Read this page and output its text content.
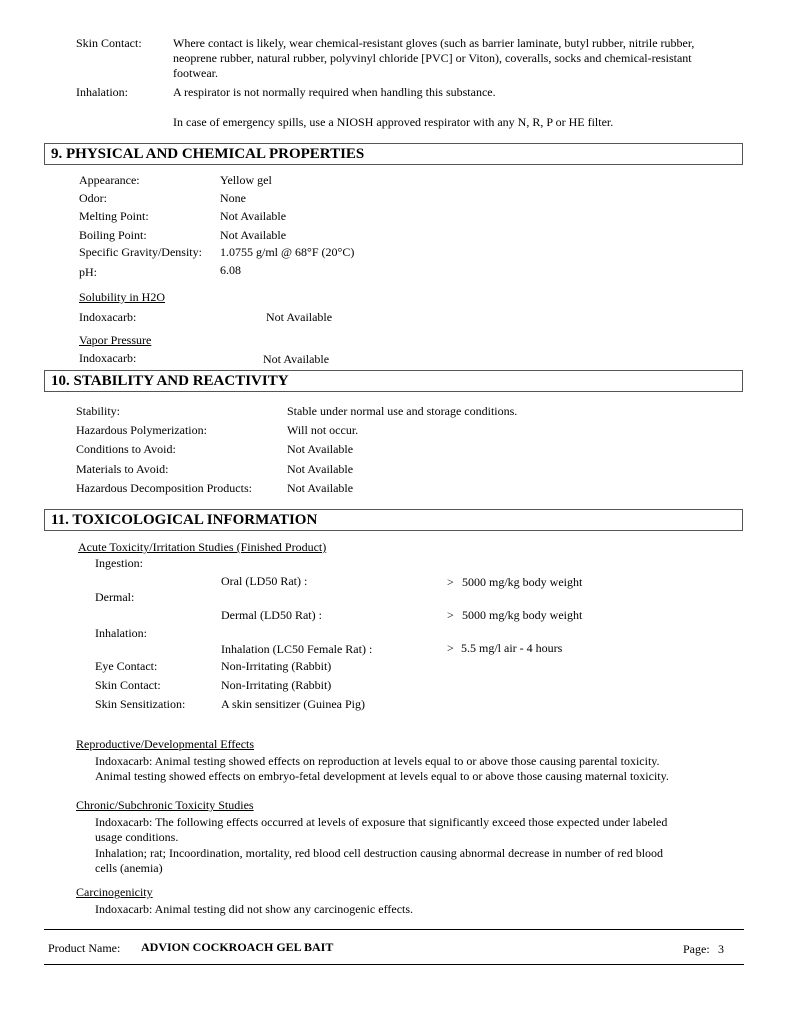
Skin Contact:	Where contact is likely, wear chemical-resistant gloves (such as barrier laminate, butyl rubber, nitrile rubber,
neoprene rubber, natural rubber, polyvinyl chloride [PVC] or Viton), coveralls, socks and chemical-resistant
footwear.
Inhalation:	A respirator is not normally required when handling this substance.
In case of emergency spills, use a NIOSH approved respirator with any N, R, P or HE filter.
9. PHYSICAL AND CHEMICAL PROPERTIES
Appearance:	Yellow gel
Odor:	None
Melting Point:	Not Available
Boiling Point:	Not Available
Specific Gravity/Density: 1.0755 g/ml @ 68°F (20°C)
pH:	6.08
Solubility in H2O
Indoxacarb:	Not Available
Vapor Pressure
Indoxacarb:	Not Available
10. STABILITY AND REACTIVITY
Stability:	Stable under normal use and storage conditions.
Hazardous Polymerization:	Will not occur.
Conditions to Avoid:	Not Available
Materials to Avoid:	Not Available
Hazardous Decomposition Products:	Not Available
11. TOXICOLOGICAL INFORMATION
Acute Toxicity/Irritation Studies (Finished Product)
Ingestion:
Oral (LD50 Rat) :	> 5000 mg/kg body weight
Dermal:
Dermal (LD50 Rat) :	> 5000 mg/kg body weight
Inhalation:
Inhalation (LC50 Female Rat) :	> 5.5 mg/l air - 4 hours
Eye Contact:	Non-Irritating (Rabbit)
Skin Contact:	Non-Irritating (Rabbit)
Skin Sensitization:	A skin sensitizer (Guinea Pig)
Reproductive/Developmental Effects
Indoxacarb: Animal testing showed effects on reproduction at levels equal to or above those causing parental toxicity.
Animal testing showed effects on embryo-fetal development at levels equal to or above those causing maternal toxicity.
Chronic/Subchronic Toxicity Studies
Indoxacarb: The following effects occurred at levels of exposure that significantly exceed those expected under labeled
usage conditions.
Inhalation; rat; Incoordination, mortality, red blood cell destruction causing abnormal decrease in number of red blood
cells (anemia)
Carcinogenicity
Indoxacarb: Animal testing did not show any carcinogenic effects.
Product Name: ADVION COCKROACH GEL BAIT	Page: 3
